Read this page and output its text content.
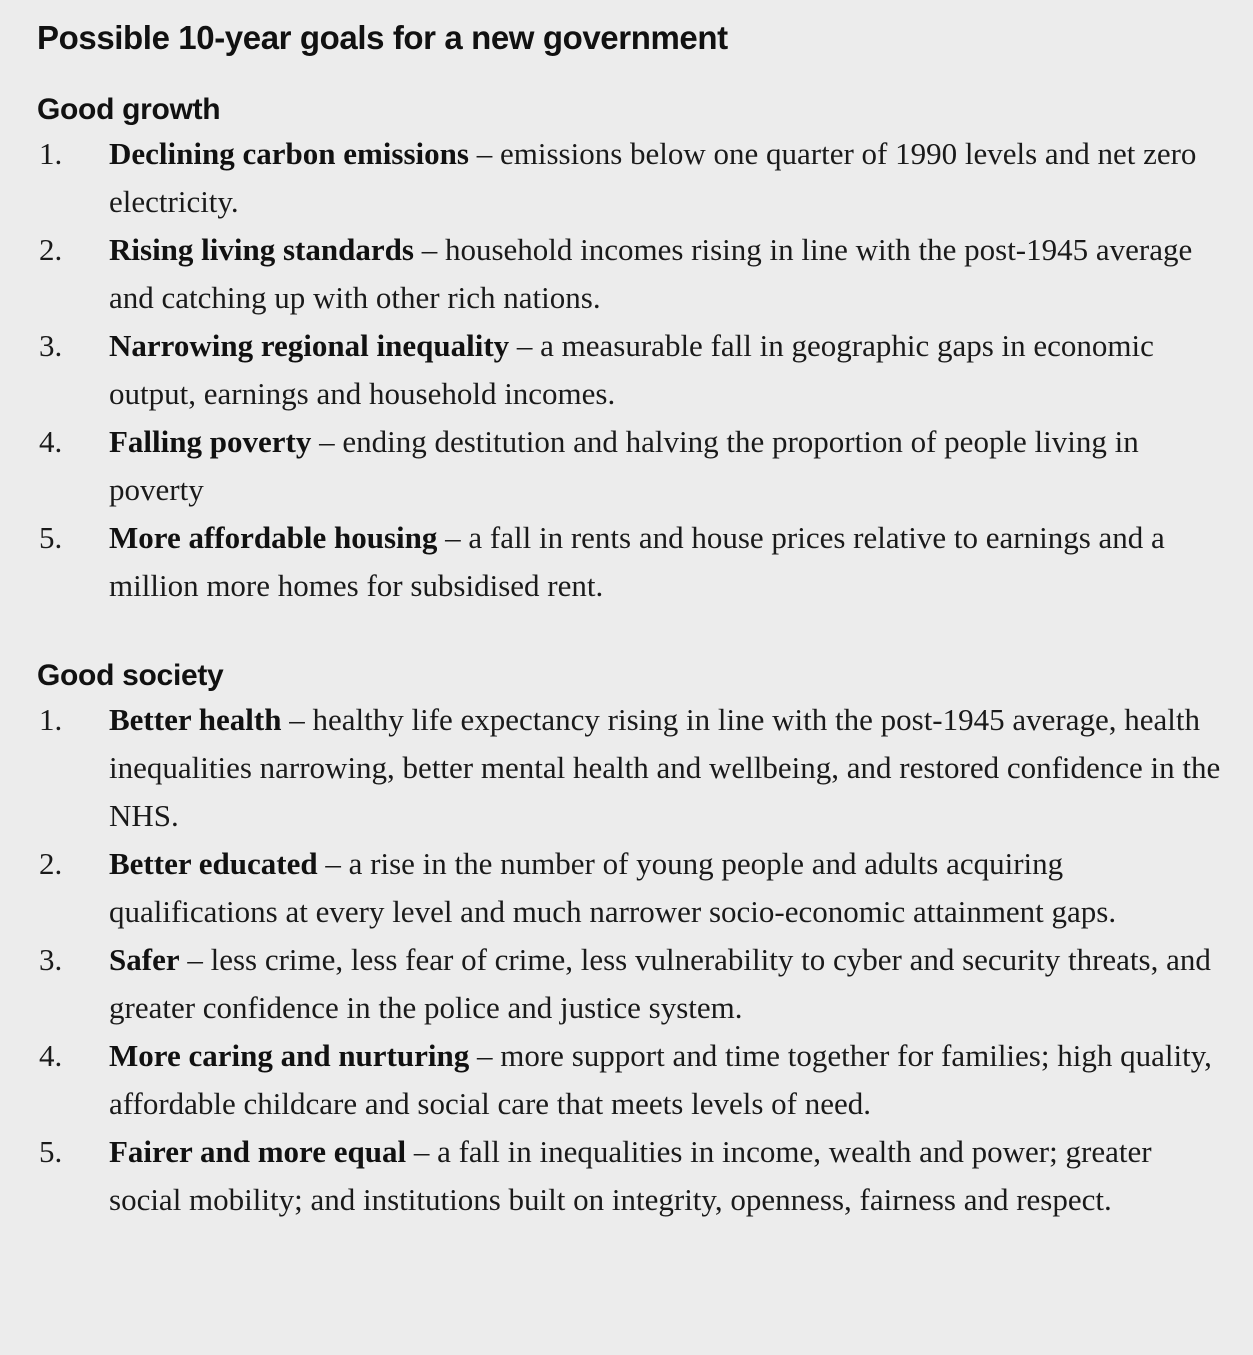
Possible 10-year goals for a new government
Good growth
1. Declining carbon emissions – emissions below one quarter of 1990 levels and net zero electricity.
2. Rising living standards – household incomes rising in line with the post-1945 average and catching up with other rich nations.
3. Narrowing regional inequality – a measurable fall in geographic gaps in economic output, earnings and household incomes.
4. Falling poverty – ending destitution and halving the proportion of people living in poverty
5. More affordable housing – a fall in rents and house prices relative to earnings and a million more homes for subsidised rent.
Good society
1. Better health – healthy life expectancy rising in line with the post-1945 average, health inequalities narrowing, better mental health and wellbeing, and restored confidence in the NHS.
2. Better educated – a rise in the number of young people and adults acquiring qualifications at every level and much narrower socio-economic attainment gaps.
3. Safer – less crime, less fear of crime, less vulnerability to cyber and security threats, and greater confidence in the police and justice system.
4. More caring and nurturing – more support and time together for families; high quality, affordable childcare and social care that meets levels of need.
5. Fairer and more equal – a fall in inequalities in income, wealth and power; greater social mobility; and institutions built on integrity, openness, fairness and respect.
